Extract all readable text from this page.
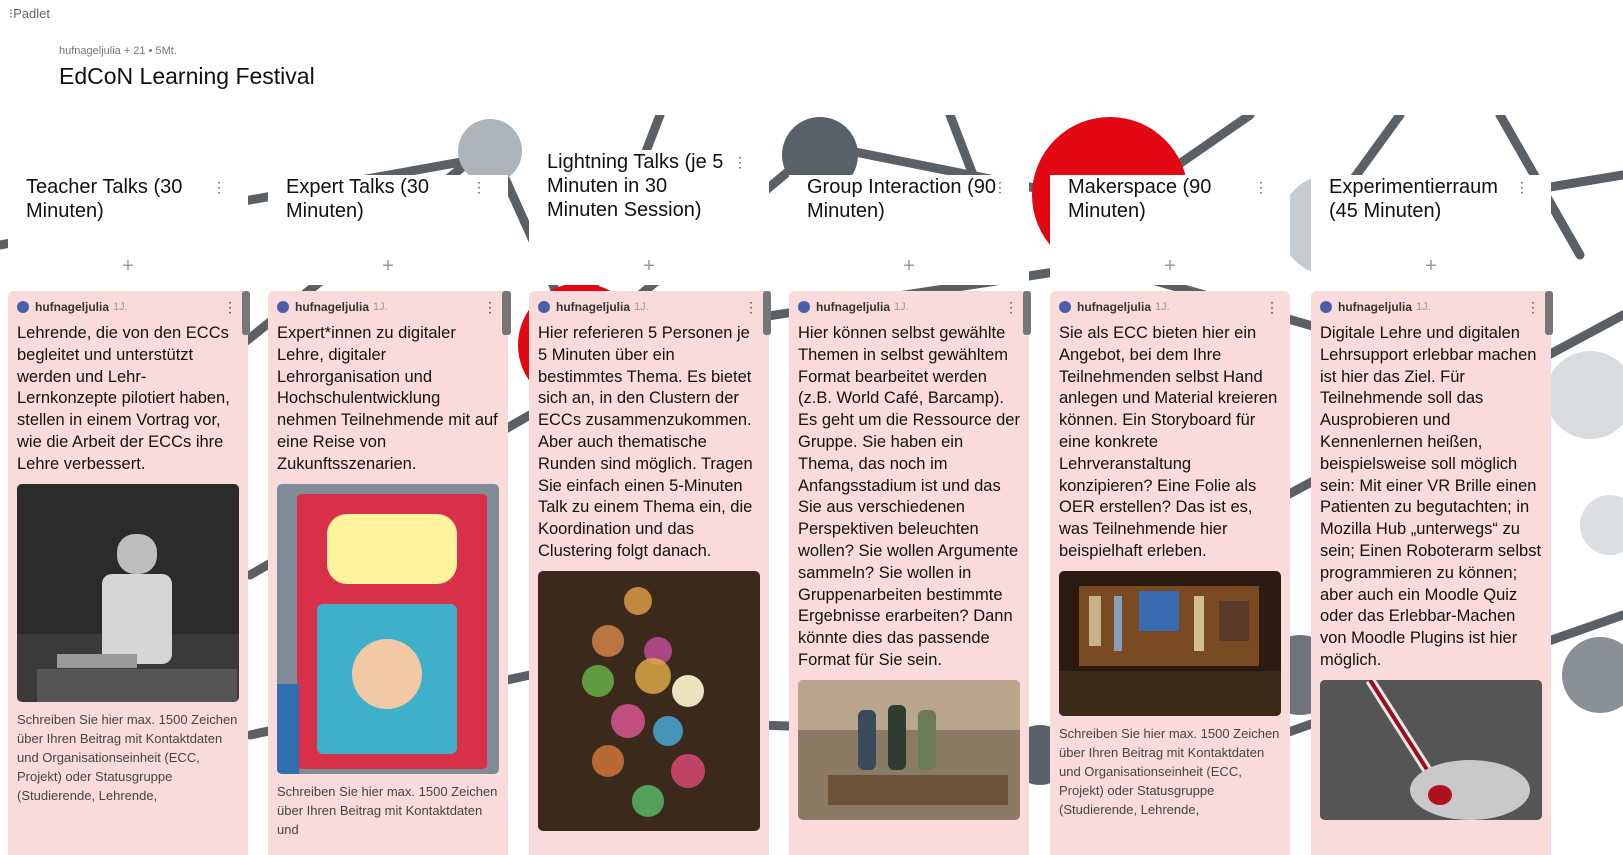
⁝Padlet
hufnageljulia + 21 • 5Mt.
EdCoN Learning Festival
Teacher Talks (30 Minuten)
⋮
+
hufnageljulia 1J.	⋮
Lehrende, die von den ECCs begleitet und unterstützt werden und Lehr-Lernkonzepte pilotiert haben, stellen in einem Vortrag vor, wie die Arbeit der ECCs ihre Lehre verbessert.
Schreiben Sie hier max. 1500 Zeichen über Ihren Beitrag mit Kontaktdaten und Organisationseinheit (ECC, Projekt) oder Statusgruppe (Studierende, Lehrende,
Expert Talks (30 Minuten)
⋮
+
hufnageljulia 1J.	⋮
Expert*innen zu digitaler Lehre, digitaler Lehrorganisation und Hochschulentwicklung nehmen Teilnehmende mit auf eine Reise von Zukunftsszenarien.
Schreiben Sie hier max. 1500 Zeichen über Ihren Beitrag mit Kontaktdaten und
Lightning Talks (je 5 Minuten in 30 Minuten Session)
⋮
+
hufnageljulia 1J.	⋮
Hier referieren 5 Personen je 5 Minuten über ein bestimmtes Thema. Es bietet sich an, in den Clustern der ECCs zusammenzukommen. Aber auch thematische Runden sind möglich. Tragen Sie einfach einen 5-Minuten Talk zu einem Thema ein, die Koordination und das Clustering folgt danach.
Group Interaction (90 Minuten)
⋮
+
hufnageljulia 1J.	⋮
Hier können selbst gewählte Themen in selbst gewähltem Format bearbeitet werden (z.B. World Café, Barcamp). Es geht um die Ressource der Gruppe. Sie haben ein Thema, das noch im Anfangsstadium ist und das Sie aus verschiedenen Perspektiven beleuchten wollen? Sie wollen Argumente sammeln? Sie wollen in Gruppenarbeiten bestimmte Ergebnisse erarbeiten? Dann könnte dies das passende Format für Sie sein.
Makerspace (90 Minuten)
⋮
+
hufnageljulia 1J.	⋮
Sie als ECC bieten hier ein Angebot, bei dem Ihre Teilnehmenden selbst Hand anlegen und Material kreieren können. Ein Storyboard für eine konkrete Lehrveranstaltung konzipieren? Eine Folie als OER erstellen? Das ist es, was Teilnehmende hier beispielhaft erleben.
Schreiben Sie hier max. 1500 Zeichen über Ihren Beitrag mit Kontaktdaten und Organisationseinheit (ECC, Projekt) oder Statusgruppe (Studierende, Lehrende,
Experimentierraum (45 Minuten)
⋮
+
hufnageljulia 1J.	⋮
Digitale Lehre und digitalen Lehrsupport erlebbar machen ist hier das Ziel. Für Teilnehmende soll das Ausprobieren und Kennenlernen heißen, beispielsweise soll möglich sein: Mit einer VR Brille einen Patienten zu begutachten; in Mozilla Hub „unterwegs“ zu sein; Einen Roboterarm selbst programmieren zu können; aber auch ein Moodle Quiz oder das Erlebbar-Machen von Moodle Plugins ist hier möglich.
